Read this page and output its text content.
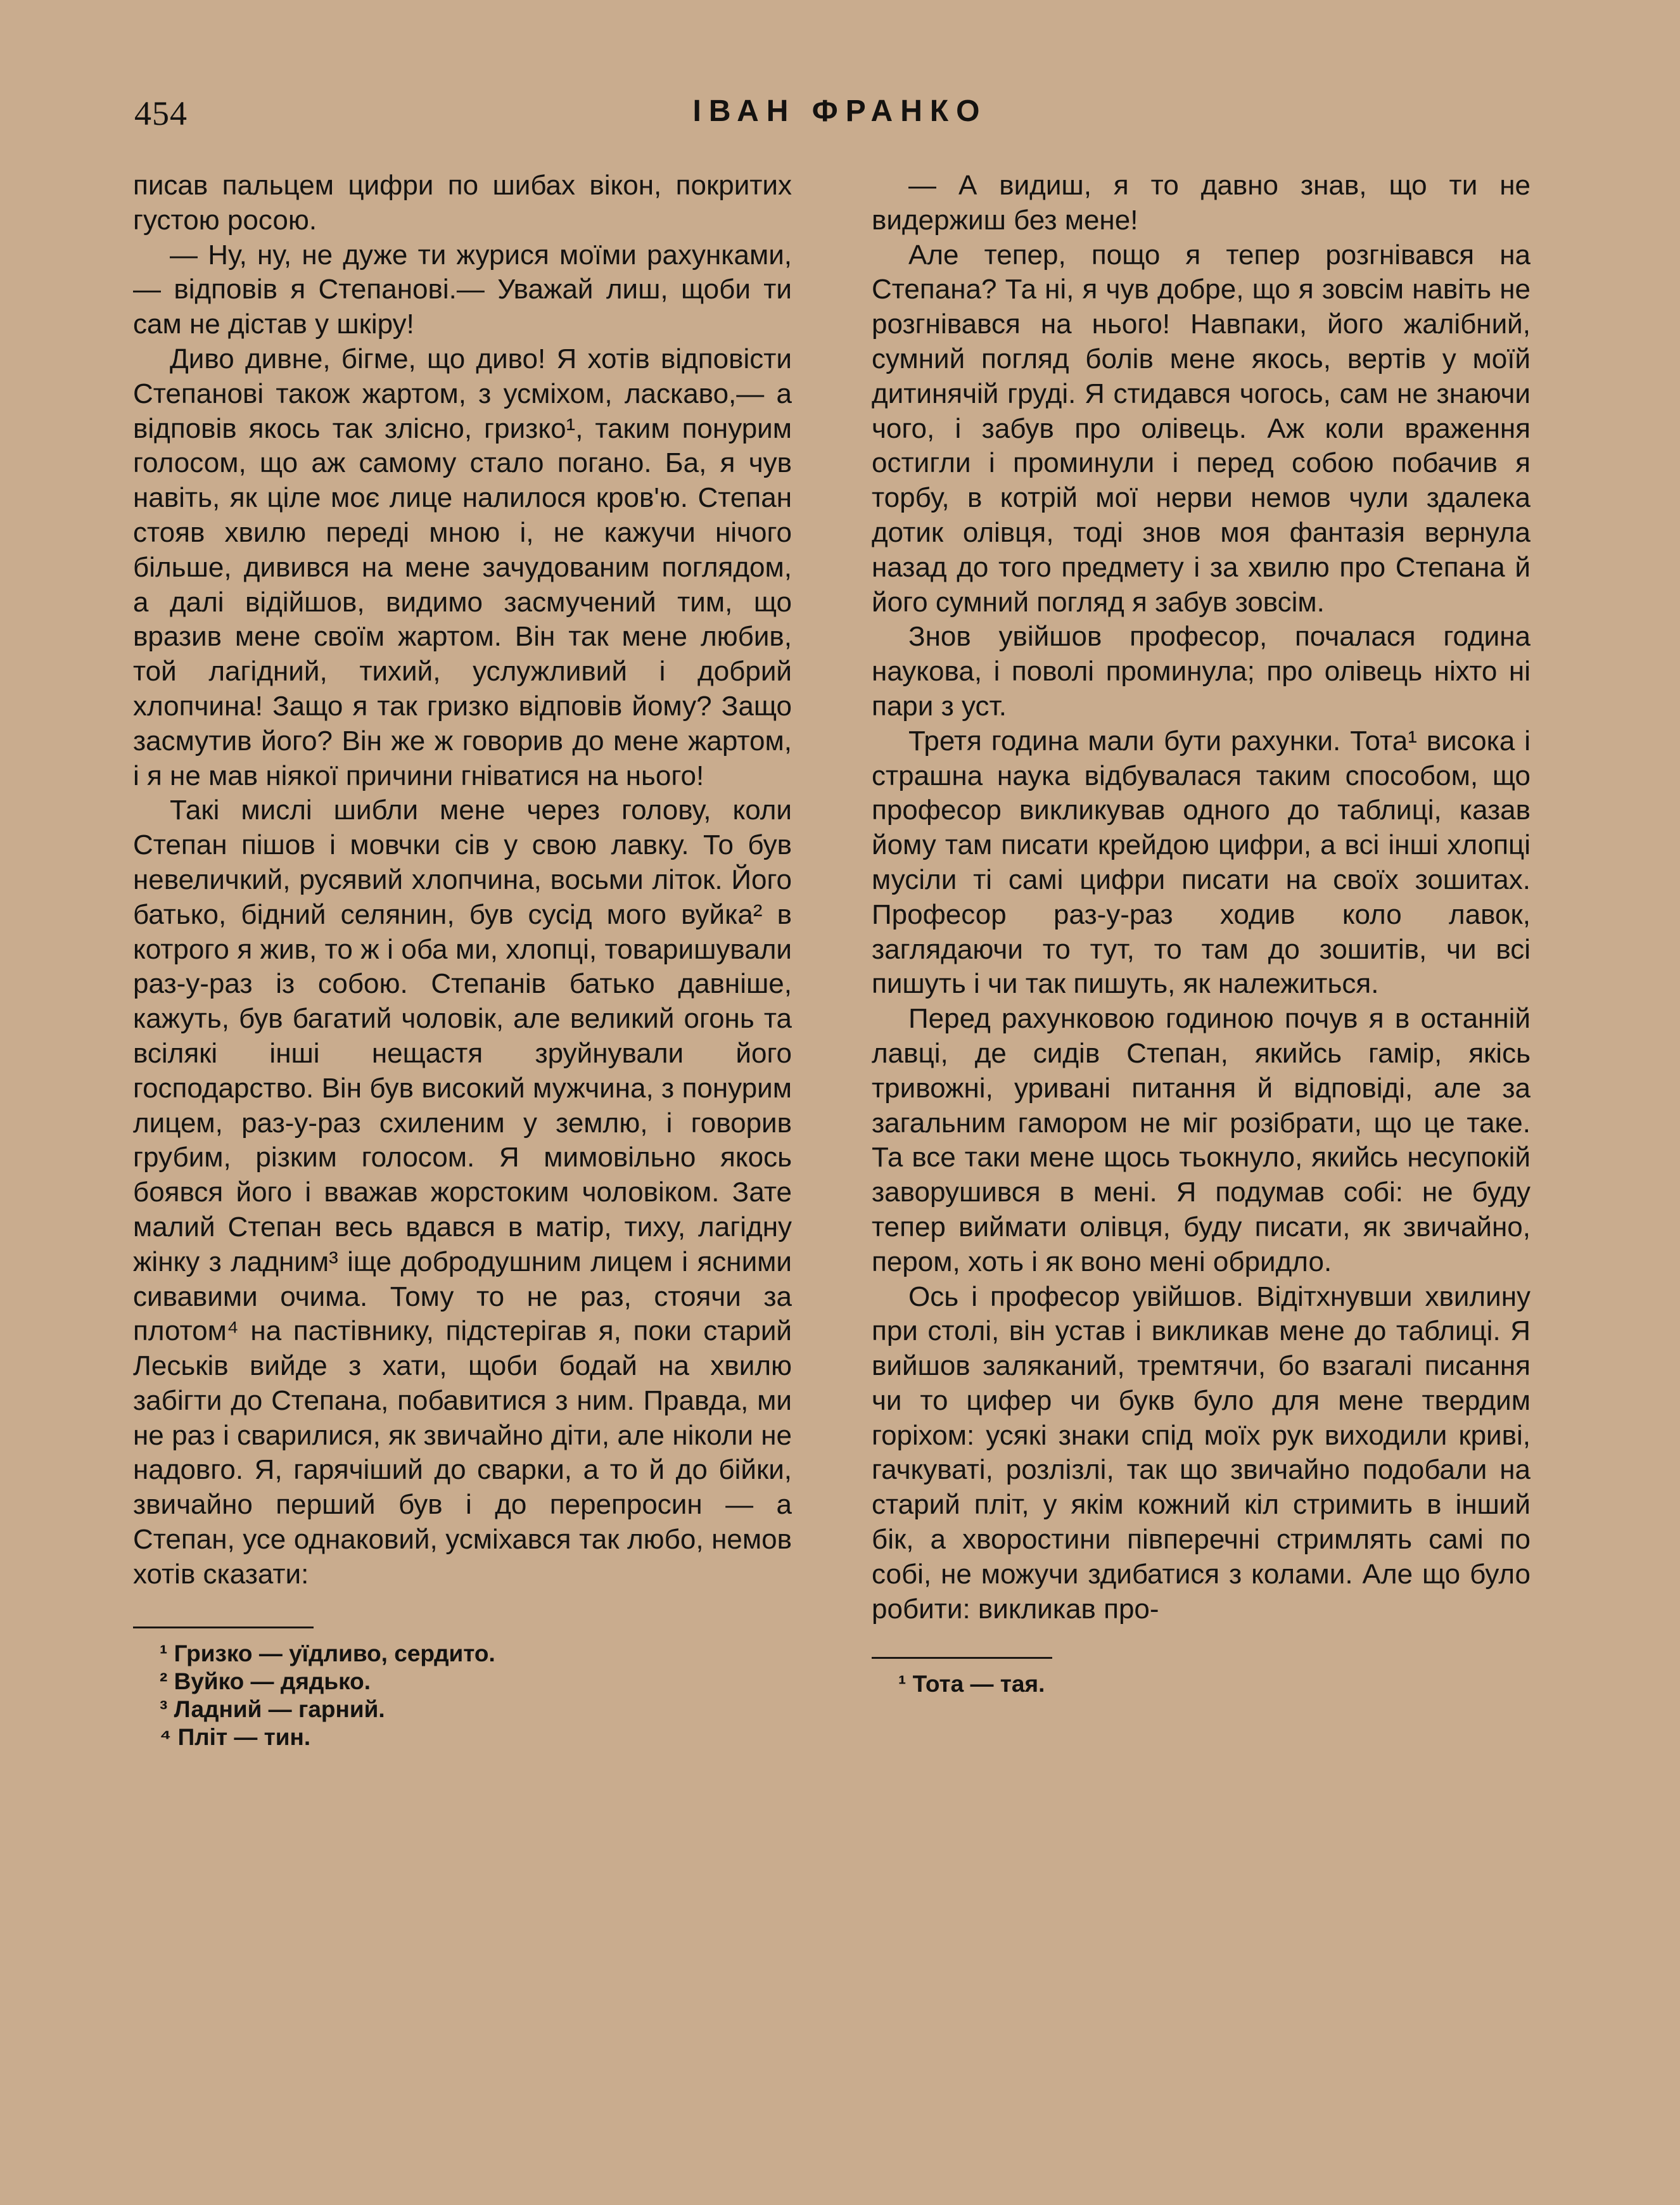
454	ІВАН ФРАНКО

писав пальцем цифри по шибах вікон, покритих густою росою.

— Ну, ну, не дуже ти журися моїми рахунками, — відповів я Степанові.— Уважай лиш, щоби ти сам не дістав у шкіру!

Диво дивне, бігме, що диво! Я хотів відповісти Степанові також жартом, з усміхом, ласкаво,— а відповів якось так злісно, гризко¹, таким понурим голосом, що аж самому стало погано. Ба, я чув навіть, як ціле моє лице налилося кров'ю. Степан стояв хвилю переді мною і, не кажучи нічого більше, дивився на мене зачудованим поглядом, а далі відійшов, видимо засмучений тим, що вразив мене своїм жартом. Він так мене любив, той лагідний, тихий, услужливий і добрий хлопчина! Защо я так гризко відповів йому? Защо засмутив його? Він же ж говорив до мене жартом, і я не мав ніякої причини гніватися на нього!

Такі мислі шибли мене через голову, коли Степан пішов і мовчки сів у свою лавку. То був невеличкий, русявий хлопчина, восьми літок. Його батько, бідний селянин, був сусід мого вуйка² в котрого я жив, то ж і оба ми, хлопці, товаришували раз-у-раз із собою. Степанів батько давніше, кажуть, був багатий чоловік, але великий огонь та всілякі інші нещастя зруйнували його господарство. Він був високий мужчина, з понурим лицем, раз-у-раз схиленим у землю, і говорив грубим, різким голосом. Я мимовільно якось боявся його і вважав жорстоким чоловіком. Зате малий Степан весь вдався в матір, тиху, лагідну жінку з ладним³ іще добродушним лицем і ясними сивавими очима. Тому то не раз, стоячи за плотом⁴ на пастівнику, підстерігав я, поки старий Леськів вийде з хати, щоби бодай на хвилю забігти до Степана, побавитися з ним. Правда, ми не раз і сварилися, як звичайно діти, але ніколи не надовго. Я, гарячіший до сварки, а то й до бійки, звичайно перший був і до перепросин — а Степан, усе однаковий, усміхався так любо, немов хотів сказати:

¹ Гризко — уїдливо, сердито.

² Вуйко — дядько.

³ Ладний — гарний.

⁴ Пліт — тин.

— А видиш, я то давно знав, що ти не видержиш без мене!

Але тепер, пощо я тепер розгнівався на Степана? Та ні, я чув добре, що я зовсім навіть не розгнівався на нього! Навпаки, його жалібний, сумний погляд болів мене якось, вертів у моїй дитинячій груді. Я стидався чогось, сам не знаючи чого, і забув про олівець. Аж коли враження остигли і проминули і перед собою побачив я торбу, в котрій мої нерви немов чули здалека дотик олівця, тоді знов моя фантазія вернула назад до того предмету і за хвилю про Степана й його сумний погляд я забув зовсім.

Знов увійшов професор, почалася година наукова, і поволі проминула; про олівець ніхто ні пари з уст.

Третя година мали бути рахунки. Тота¹ висока і страшна наука відбувалася таким способом, що професор викликував одного до таблиці, казав йому там писати крейдою цифри, а всі інші хлопці мусіли ті самі цифри писати на своїх зошитах. Професор раз-у-раз ходив коло лавок, заглядаючи то тут, то там до зошитів, чи всі пишуть і чи так пишуть, як належиться.

Перед рахунковою годиною почув я в останній лавці, де сидів Степан, якийсь гамір, якісь тривожні, уривані питання й відповіді, але за загальним гамором не міг розібрати, що це таке. Та все таки мене щось тьокнуло, якийсь несупокій заворушився в мені. Я подумав собі: не буду тепер виймати олівця, буду писати, як звичайно, пером, хоть і як воно мені обридло.

Ось і професор увійшов. Відітхнувши хвилину при столі, він устав і викликав мене до таблиці. Я вийшов заляканий, тремтячи, бо взагалі писання чи то цифер чи букв було для мене твердим горіхом: усякі знаки спід моїх рук виходили криві, гачкуваті, розлізлі, так що звичайно подобали на старий пліт, у якім кожний кіл стримить в інший бік, а хворостини півперечні стримлять самі по собі, не можучи здибатися з колами. Але що було робити: викликав про-

¹ Тота — тая.
